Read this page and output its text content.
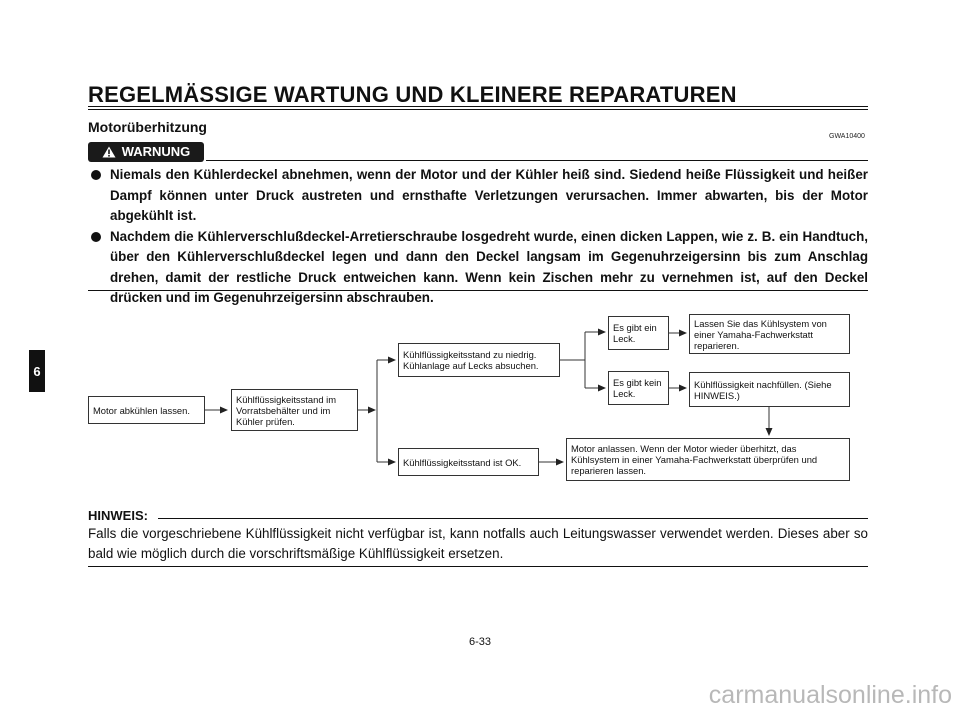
REGELMÄSSIGE WARTUNG UND KLEINERE REPARATUREN
Motorüberhitzung
GWA10400
WARNUNG
Niemals den Kühlerdeckel abnehmen, wenn der Motor und der Kühler heiß sind. Siedend heiße Flüssigkeit und heißer Dampf können unter Druck austreten und ernsthafte Verletzungen verursachen. Immer abwarten, bis der Motor abgekühlt ist.
Nachdem die Kühlerverschlußdeckel-Arretierschraube losgedreht wurde, einen dicken Lappen, wie z. B. ein Handtuch, über den Kühlerverschlußdeckel legen und dann den Deckel langsam im Gegenuhrzeigersinn bis zum Anschlag drehen, damit der restliche Druck entweichen kann. Wenn kein Zischen mehr zu vernehmen ist, auf den Deckel drücken und im Gegenuhrzeigersinn abschrauben.
Motor abkühlen lassen.
Kühlflüssigkeitsstand im Vorratsbehälter und im Kühler prüfen.
Kühlflüssigkeitsstand zu niedrig. Kühlanlage auf Lecks absuchen.
Kühlflüssigkeitsstand ist OK.
Es gibt ein Leck.
Es gibt kein Leck.
Lassen Sie das Kühlsystem von einer Yamaha-Fachwerkstatt reparieren.
Kühlflüssigkeit nachfüllen. (Siehe HINWEIS.)
Motor anlassen. Wenn der Motor wieder überhitzt, das Kühlsystem in einer Yamaha-Fachwerkstatt überprüfen und reparieren lassen.
HINWEIS:
Falls die vorgeschriebene Kühlflüssigkeit nicht verfügbar ist, kann notfalls auch Leitungswasser verwendet werden. Dieses aber so bald wie möglich durch die vorschriftsmäßige Kühlflüssigkeit ersetzen.
6
6-33
carmanualsonline.info
